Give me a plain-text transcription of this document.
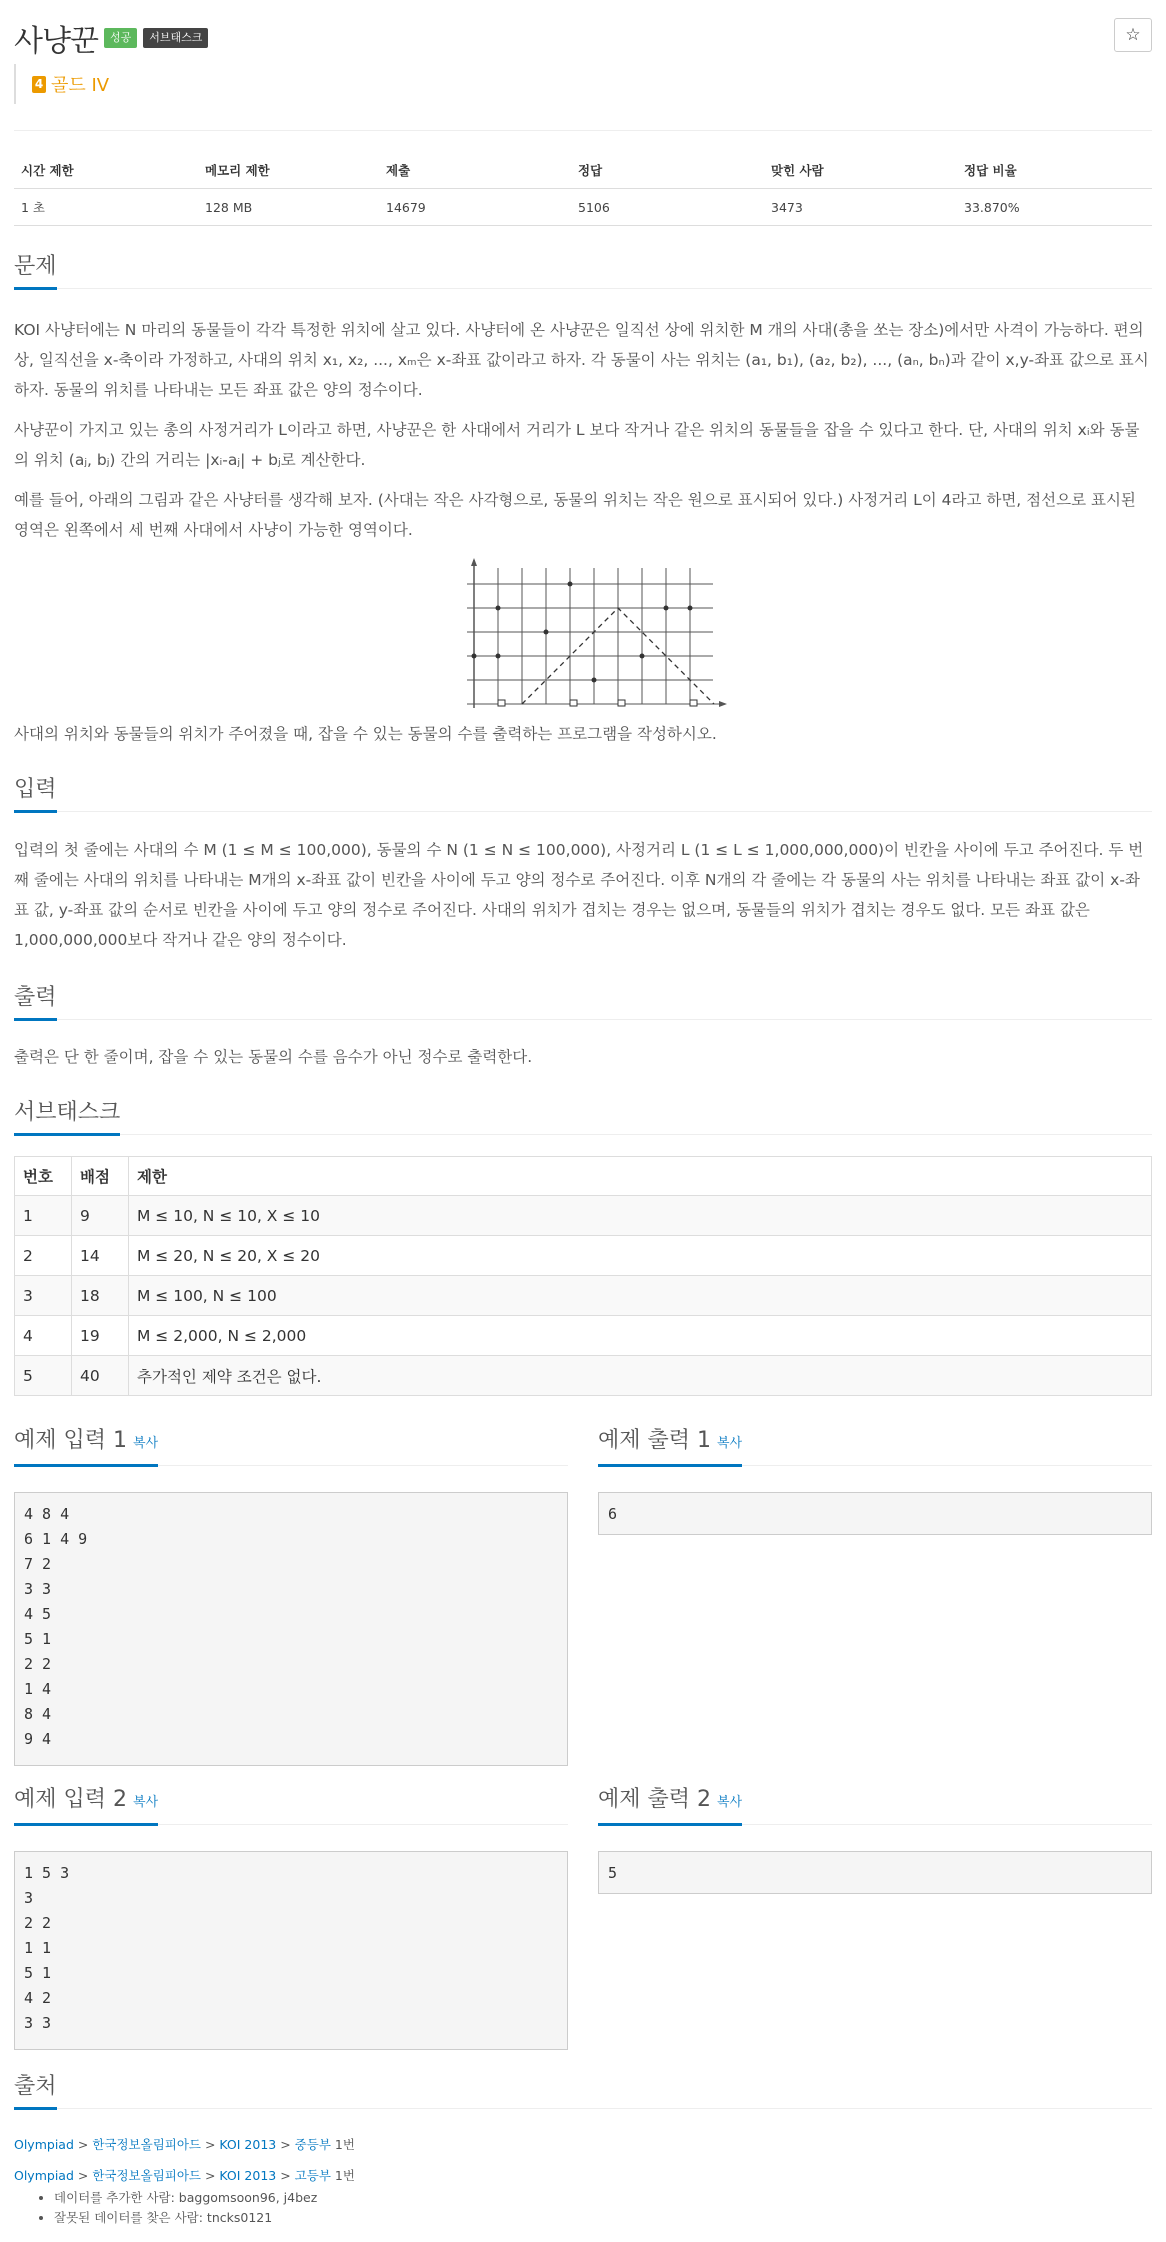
사냥꾼	성공	서브태스크	☆
4 골드 IV
시간 제한	메모리 제한	제출	정답	맞힌 사람	정답 비율
1 초	128 MB	14679	5106	3473	33.870%
문제
KOI 사냥터에는 N 마리의 동물들이 각각 특정한 위치에 살고 있다. 사냥터에 온 사냥꾼은 일직선 상에 위치한 M 개의 사대(총을 쏘는 장소)에서만 사격이 가능하다. 편의상, 일직선을 x-축이라 가정하고, 사대의 위치 x₁, x₂, ..., xₘ은 x-좌표 값이라고 하자. 각 동물이 사는 위치는 (a₁, b₁), (a₂, b₂), ..., (aₙ, bₙ)과 같이 x,y-좌표 값으로 표시하자. 동물의 위치를 나타내는 모든 좌표 값은 양의 정수이다.
사냥꾼이 가지고 있는 총의 사정거리가 L이라고 하면, 사냥꾼은 한 사대에서 거리가 L 보다 작거나 같은 위치의 동물들을 잡을 수 있다고 한다. 단, 사대의 위치 xᵢ와 동물의 위치 (aⱼ, bⱼ) 간의 거리는 |xᵢ-aⱼ| + bⱼ로 계산한다.
예를 들어, 아래의 그림과 같은 사냥터를 생각해 보자. (사대는 작은 사각형으로, 동물의 위치는 작은 원으로 표시되어 있다.) 사정거리 L이 4라고 하면, 점선으로 표시된 영역은 왼쪽에서 세 번째 사대에서 사냥이 가능한 영역이다.
사대의 위치와 동물들의 위치가 주어졌을 때, 잡을 수 있는 동물의 수를 출력하는 프로그램을 작성하시오.
입력
입력의 첫 줄에는 사대의 수 M (1 ≤ M ≤ 100,000), 동물의 수 N (1 ≤ N ≤ 100,000), 사정거리 L (1 ≤ L ≤ 1,000,000,000)이 빈칸을 사이에 두고 주어진다. 두 번째 줄에는 사대의 위치를 나타내는 M개의 x-좌표 값이 빈칸을 사이에 두고 양의 정수로 주어진다. 이후 N개의 각 줄에는 각 동물의 사는 위치를 나타내는 좌표 값이 x-좌표 값, y-좌표 값의 순서로 빈칸을 사이에 두고 양의 정수로 주어진다. 사대의 위치가 겹치는 경우는 없으며, 동물들의 위치가 겹치는 경우도 없다. 모든 좌표 값은 1,000,000,000보다 작거나 같은 양의 정수이다.
출력
출력은 단 한 줄이며, 잡을 수 있는 동물의 수를 음수가 아닌 정수로 출력한다.
서브태스크
번호	배점	제한
1	9	M ≤ 10, N ≤ 10, X ≤ 10
2	14	M ≤ 20, N ≤ 20, X ≤ 20
3	18	M ≤ 100, N ≤ 100
4	19	M ≤ 2,000, N ≤ 2,000
5	40	추가적인 제약 조건은 없다.
예제 입력 1 복사	예제 출력 1 복사
4 8 4
6 1 4 9
7 2
3 3
4 5
5 1
2 2
1 4
8 4
9 4
6
예제 입력 2 복사	예제 출력 2 복사
1 5 3
3
2 2
1 1
5 1
4 2
3 3
5
출처
Olympiad > 한국정보올림피아드 > KOI 2013 > 중등부 1번
Olympiad > 한국정보올림피아드 > KOI 2013 > 고등부 1번
• 데이터를 추가한 사람: baggomsoon96, j4bez
• 잘못된 데이터를 찾은 사람: tncks0121
